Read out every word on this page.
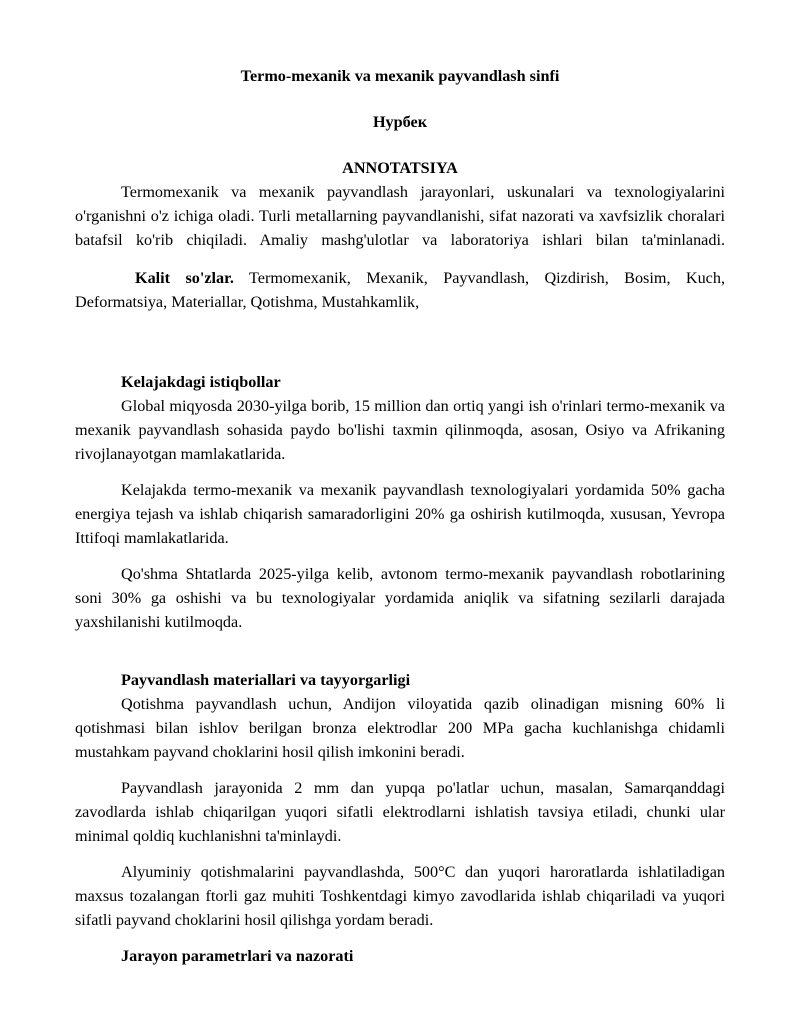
Termo-mexanik va mexanik payvandlash sinfi

Нурбек

ANNOTATSIYA

Termomexanik va mexanik payvandlash jarayonlari, uskunalari va texnologiyalarini o'rganishni o'z ichiga oladi. Turli metallarning payvandlanishi, sifat nazorati va xavfsizlik choralari batafsil ko'rib chiqiladi. Amaliy mashg'ulotlar va laboratoriya ishlari bilan ta'minlanadi.

Kalit so'zlar. Termomexanik, Mexanik, Payvandlash, Qizdirish, Bosim, Kuch, Deformatsiya, Materiallar, Qotishma, Mustahkamlik,

Kelajakdagi istiqbollar

Global miqyosda 2030-yilga borib, 15 million dan ortiq yangi ish o'rinlari termo-mexanik va mexanik payvandlash sohasida paydo bo'lishi taxmin qilinmoqda, asosan, Osiyo va Afrikaning rivojlanayotgan mamlakatlarida.

Kelajakda termo-mexanik va mexanik payvandlash texnologiyalari yordamida 50% gacha energiya tejash va ishlab chiqarish samaradorligini 20% ga oshirish kutilmoqda, xususan, Yevropa Ittifoqi mamlakatlarida.

Qo'shma Shtatlarda 2025-yilga kelib, avtonom termo-mexanik payvandlash robotlarining soni 30% ga oshishi va bu texnologiyalar yordamida aniqlik va sifatning sezilarli darajada yaxshilanishi kutilmoqda.

Payvandlash materiallari va tayyorgarligi

Qotishma payvandlash uchun, Andijon viloyatida qazib olinadigan misning 60% li qotishmasi bilan ishlov berilgan bronza elektrodlar 200 MPa gacha kuchlanishga chidamli mustahkam payvand choklarini hosil qilish imkonini beradi.

Payvandlash jarayonida 2 mm dan yupqa po'latlar uchun, masalan, Samarqanddagi zavodlarda ishlab chiqarilgan yuqori sifatli elektrodlarni ishlatish tavsiya etiladi, chunki ular minimal qoldiq kuchlanishni ta'minlaydi.

Alyuminiy qotishmalarini payvandlashda, 500°C dan yuqori haroratlarda ishlatiladigan maxsus tozalangan ftorli gaz muhiti Toshkentdagi kimyo zavodlarida ishlab chiqariladi va yuqori sifatli payvand choklarini hosil qilishga yordam beradi.

Jarayon parametrlari va nazorati
